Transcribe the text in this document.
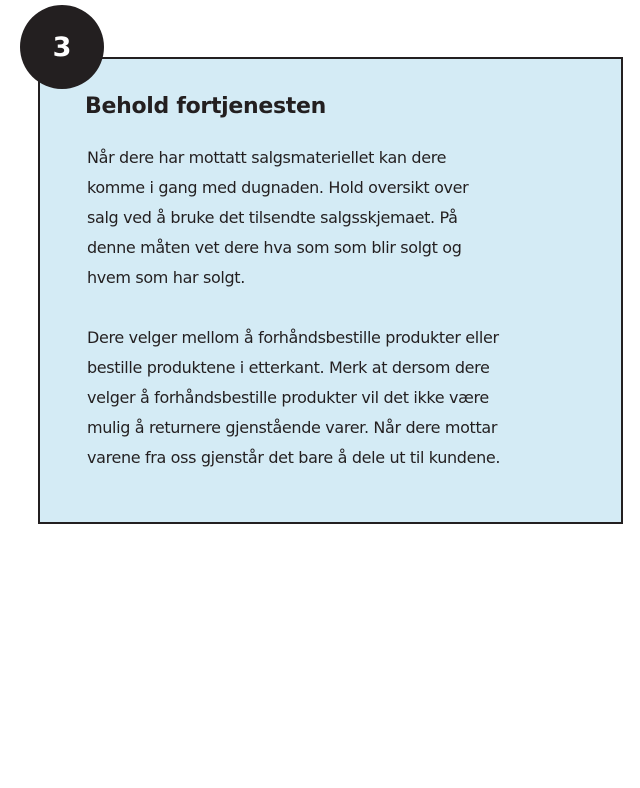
3
Behold fortjenesten

Når dere har mottatt salgsmateriellet kan dere
komme i gang med dugnaden. Hold oversikt over
salg ved å bruke det tilsendte salgsskjemaet. På
denne måten vet dere hva som som blir solgt og
hvem som har solgt.

Dere velger mellom å forhåndsbestille produkter eller
bestille produktene i etterkant. Merk at dersom dere
velger å forhåndsbestille produkter vil det ikke være
mulig å returnere gjenstående varer. Når dere mottar
varene fra oss gjenstår det bare å dele ut til kundene.
